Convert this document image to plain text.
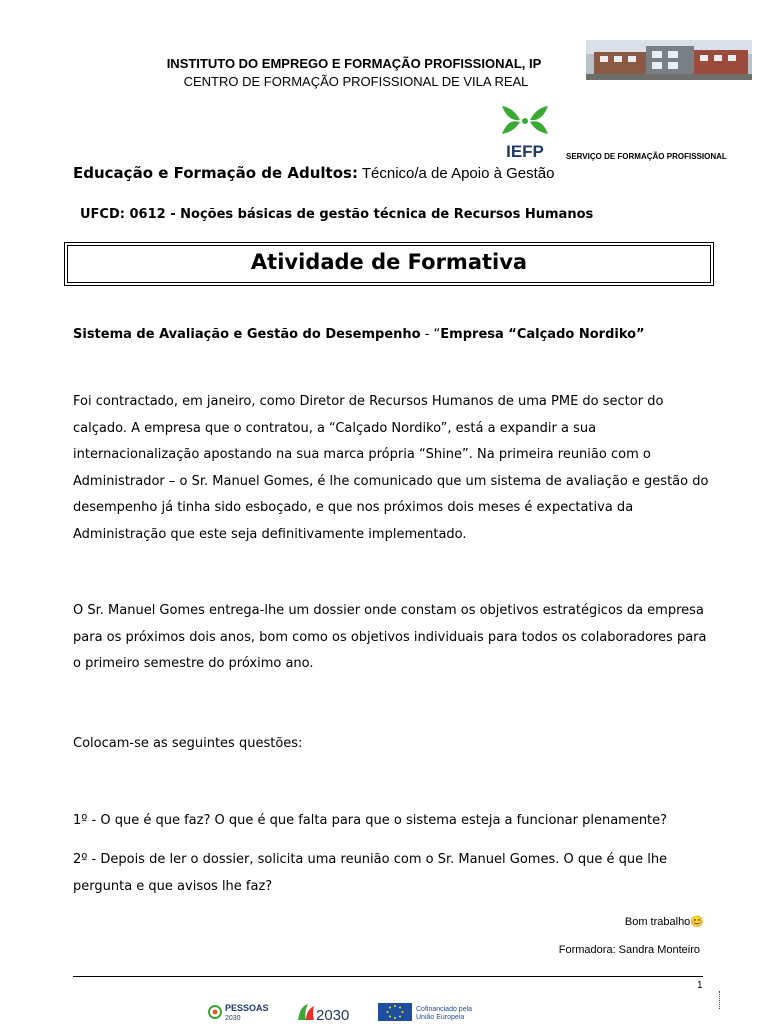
INSTITUTO DO EMPREGO E FORMAÇÃO PROFISSIONAL, IP
CENTRO DE FORMAÇÃO PROFISSIONAL DE VILA REAL
IEFP	SERVIÇO DE FORMAÇÃO PROFISSIONAL
Educação e Formação de Adultos: Técnico/a de Apoio à Gestão
UFCD: 0612 - Noções básicas de gestão técnica de Recursos Humanos
Atividade de Formativa
Sistema de Avaliação e Gestão do Desempenho - “Empresa “Calçado Nordiko”
Foi contractado, em janeiro, como Diretor de Recursos Humanos de uma PME do sector do calçado. A empresa que o contratou, a “Calçado Nordiko”, está a expandir a sua internacionalização apostando na sua marca própria “Shine”. Na primeira reunião com o Administrador – o Sr. Manuel Gomes, é lhe comunicado que um sistema de avaliação e gestão do desempenho já tinha sido esboçado, e que nos próximos dois meses é expectativa da Administração que este seja definitivamente implementado.
O Sr. Manuel Gomes entrega-lhe um dossier onde constam os objetivos estratégicos da empresa para os próximos dois anos, bom como os objetivos individuais para todos os colaboradores para o primeiro semestre do próximo ano.
Colocam-se as seguintes questões:
1º - O que é que faz? O que é que falta para que o sistema esteja a funcionar plenamente?
2º - Depois de ler o dossier, solicita uma reunião com o Sr. Manuel Gomes. O que é que lhe pergunta e que avisos lhe faz?
Bom trabalho😊
Formadora: Sandra Monteiro
1
PESSOAS
2030	2030	Cofinanciado pela
União Europeia
